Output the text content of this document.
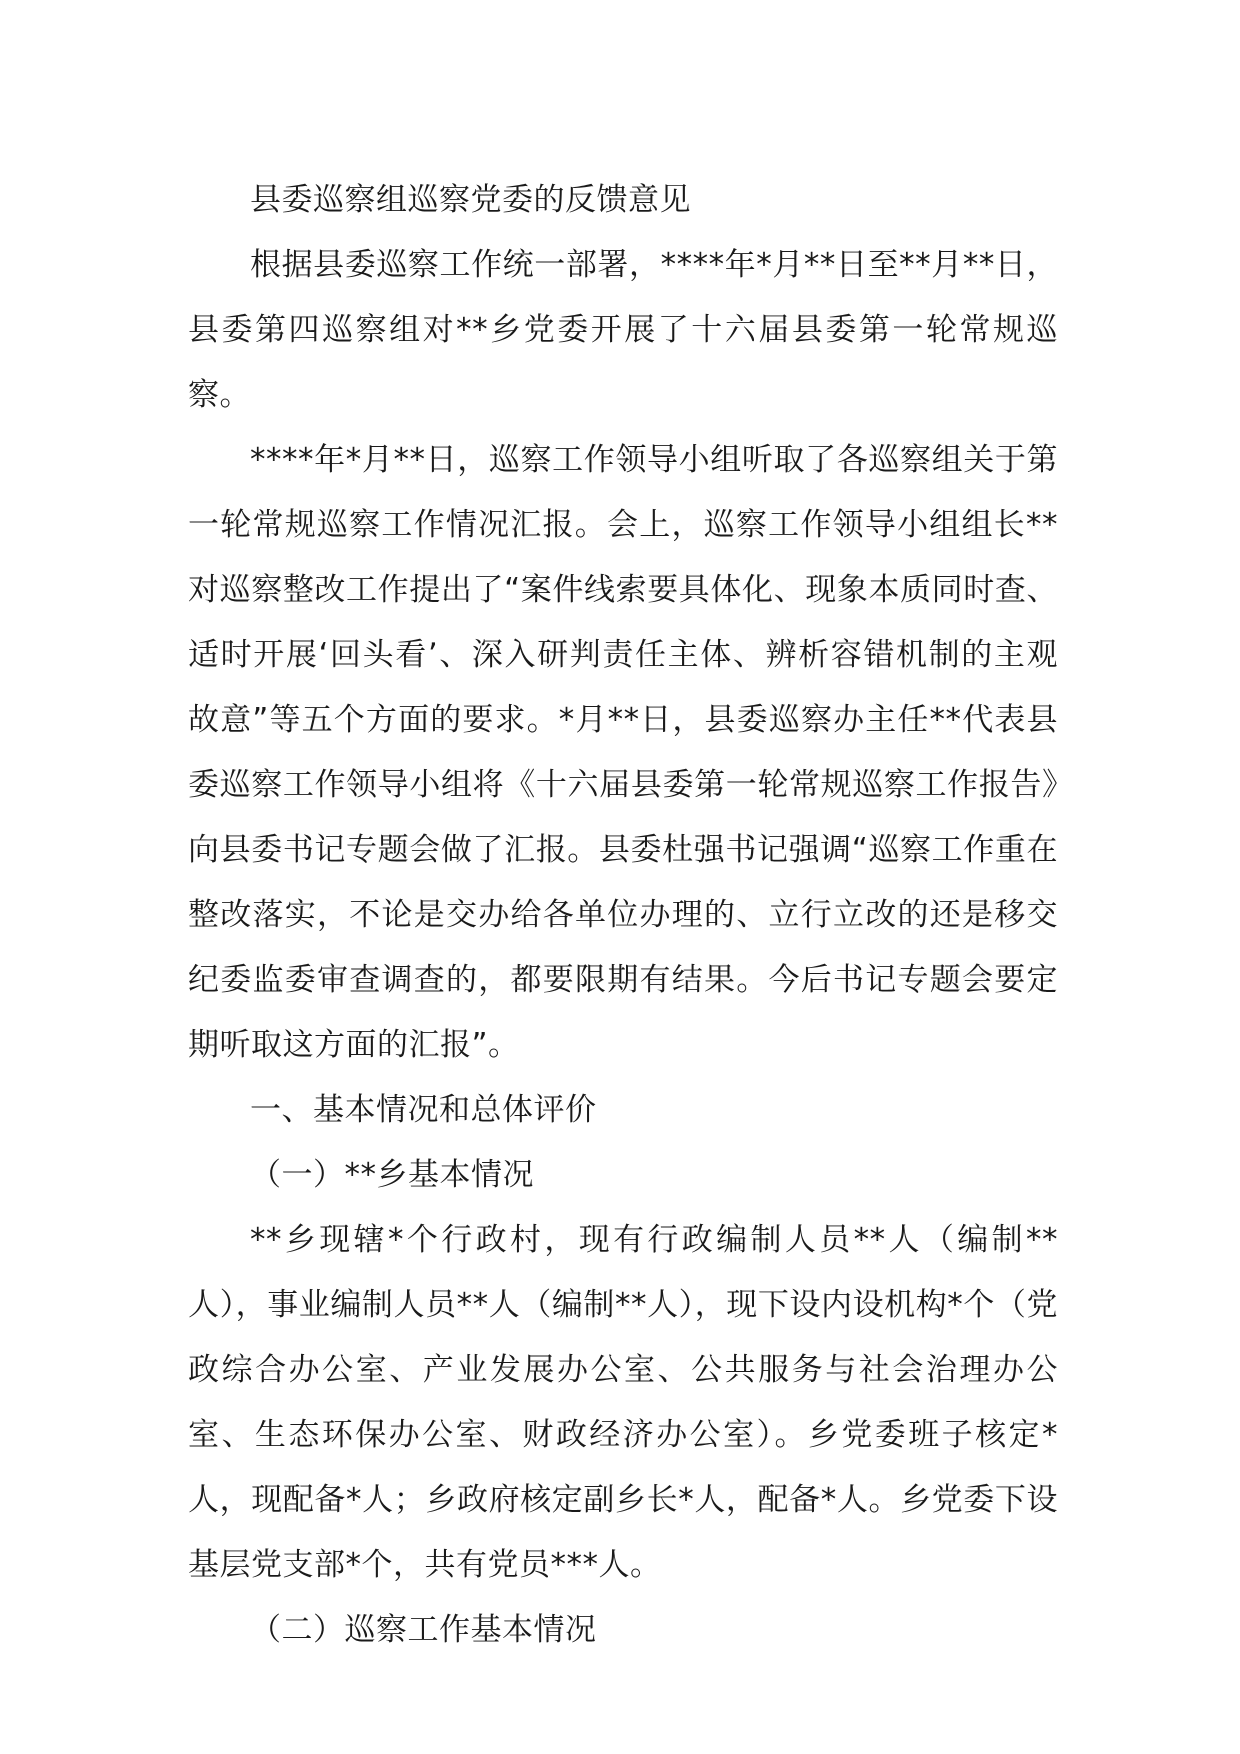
县委巡察组巡察党委的反馈意见

根据县委巡察工作统一部署，****年*月**日至**月**日，县委第四巡察组对**乡党委开展了十六届县委第一轮常规巡察。

****年*月**日，巡察工作领导小组听取了各巡察组关于第一轮常规巡察工作情况汇报。会上，巡察工作领导小组组长**对巡察整改工作提出了“案件线索要具体化、现象本质同时查、适时开展‘回头看’、深入研判责任主体、辨析容错机制的主观故意”等五个方面的要求。*月**日，县委巡察办主任**代表县委巡察工作领导小组将《十六届县委第一轮常规巡察工作报告》向县委书记专题会做了汇报。县委杜强书记强调“巡察工作重在整改落实，不论是交办给各单位办理的、立行立改的还是移交纪委监委审查调查的，都要限期有结果。今后书记专题会要定期听取这方面的汇报”。

一、基本情况和总体评价

（一）**乡基本情况

**乡现辖*个行政村，现有行政编制人员**人（编制**人），事业编制人员**人（编制**人），现下设内设机构*个（党政综合办公室、产业发展办公室、公共服务与社会治理办公室、生态环保办公室、财政经济办公室）。乡党委班子核定*人，现配备*人；乡政府核定副乡长*人，配备*人。乡党委下设基层党支部*个，共有党员***人。

（二）巡察工作基本情况
